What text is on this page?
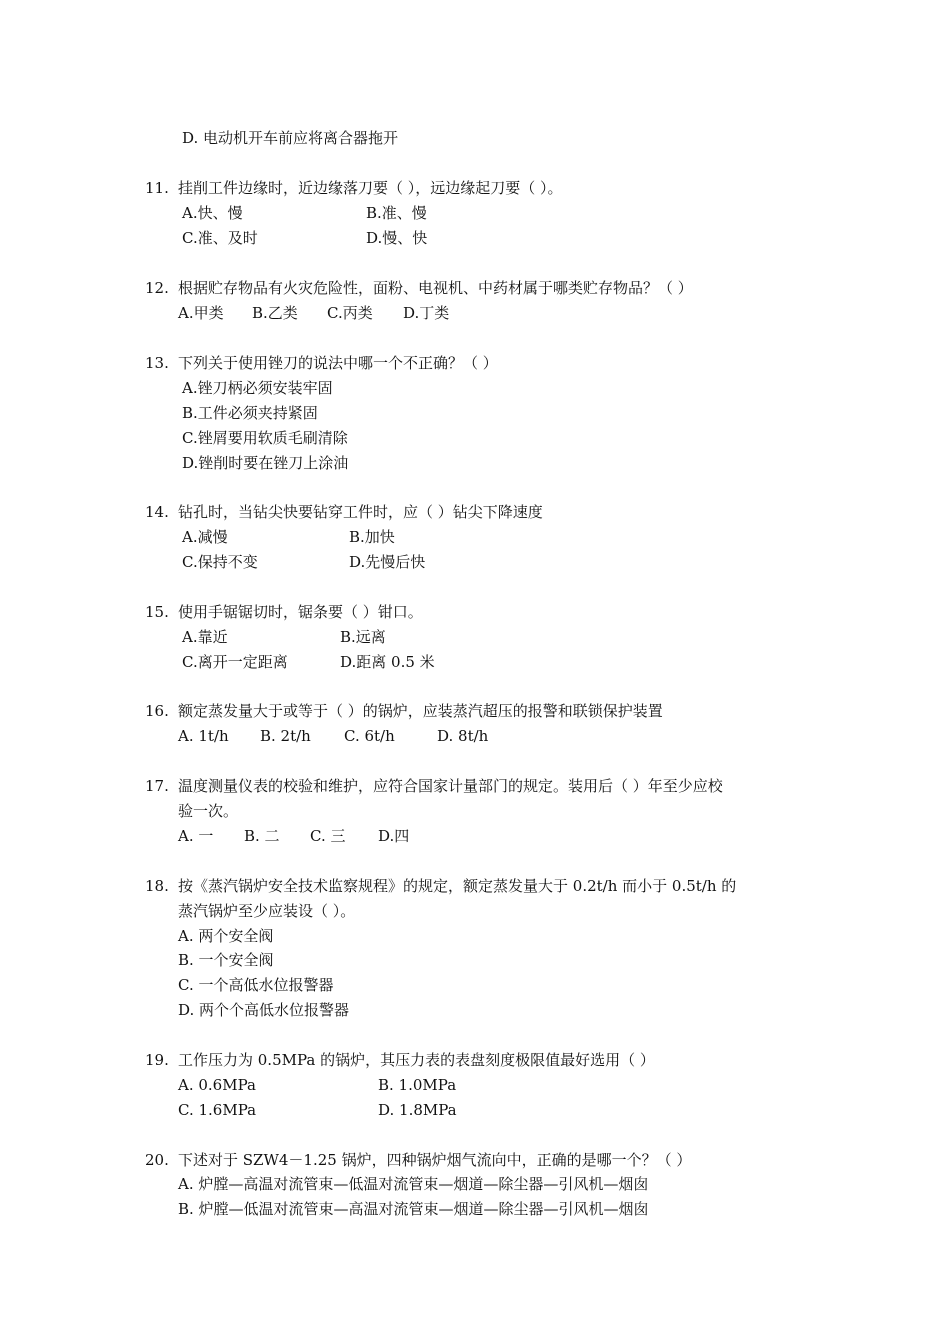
D. 电动机开车前应将离合器拖开
11. 挂削工件边缘时，近边缘落刀要（ ），远边缘起刀要（ ）。
A.快、慢	B.准、慢
C.准、及时	D.慢、快
12. 根据贮存物品有火灾危险性，面粉、电视机、中药材属于哪类贮存物品？（ ）
A.甲类 B.乙类 C.丙类 D.丁类
13. 下列关于使用锉刀的说法中哪一个不正确？（ ）
A.锉刀柄必须安装牢固
B.工件必须夹持紧固
C.锉屑要用软质毛刷清除
D.锉削时要在锉刀上涂油
14. 钻孔时，当钻尖快要钻穿工件时，应（ ）钻尖下降速度
A.减慢	B.加快
C.保持不变	D.先慢后快
15. 使用手锯锯切时，锯条要（ ）钳口。
A.靠近	B.远离
C.离开一定距离	D.距离 0.5 米
16. 额定蒸发量大于或等于（ ）的锅炉，应装蒸汽超压的报警和联锁保护装置
A. 1t/h B. 2t/h C. 6t/h	D. 8t/h
17. 温度测量仪表的校验和维护，应符合国家计量部门的规定。装用后（ ）年至少应校
验一次。
A. 一 B. 二 C. 三 D.四
18. 按《蒸汽锅炉安全技术监察规程》的规定，额定蒸发量大于 0.2t/h 而小于 0.5t/h 的
蒸汽锅炉至少应装设（ ）。
A. 两个安全阀
B. 一个安全阀
C. 一个高低水位报警器
D. 两个个高低水位报警器
19. 工作压力为 0.5MPa 的锅炉，其压力表的表盘刻度极限值最好选用（ ）
A. 0.6MPa	B. 1.0MPa
C. 1.6MPa	D. 1.8MPa
20. 下述对于 SZW4－1.25 锅炉，四种锅炉烟气流向中，正确的是哪一个？（ ）
A. 炉膛—高温对流管束—低温对流管束—烟道—除尘器—引风机—烟囱
B. 炉膛—低温对流管束—高温对流管束—烟道—除尘器—引风机—烟囱
